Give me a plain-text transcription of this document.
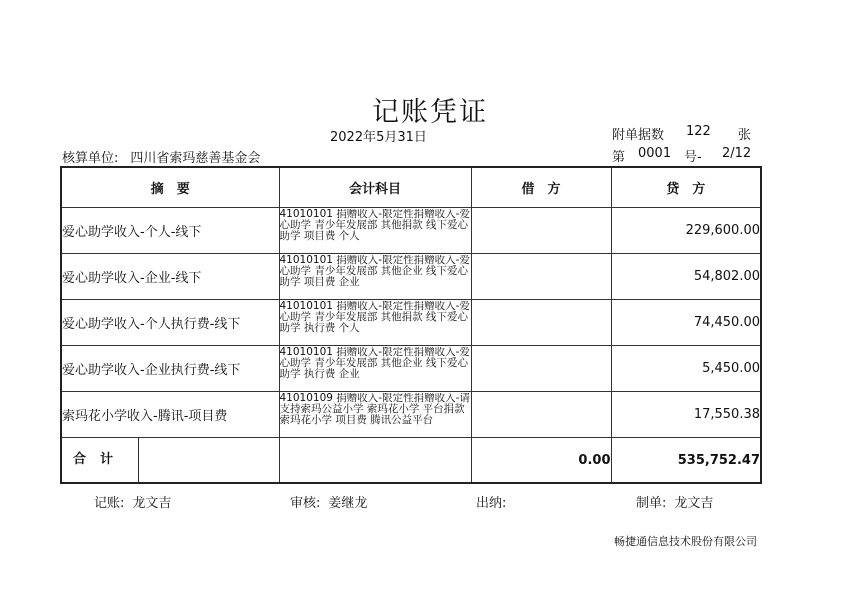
记账凭证
2022年5月31日	附单据数 122 张
核算单位: 四川省索玛慈善基金会	第 0001 号- 2/12
摘　要	会计科目	借　方	贷　方
爱心助学收入-个人-线下	41010101 捐赠收入-限定性捐赠收入-爱心助学 青少年发展部 其他捐款 线下爱心助学 项目费 个人		229,600.00
爱心助学收入-企业-线下	41010101 捐赠收入-限定性捐赠收入-爱心助学 青少年发展部 其他企业 线下爱心助学 项目费 企业		54,802.00
爱心助学收入-个人执行费-线下	41010101 捐赠收入-限定性捐赠收入-爱心助学 青少年发展部 其他捐款 线下爱心助学 执行费 个人		74,450.00
爱心助学收入-企业执行费-线下	41010101 捐赠收入-限定性捐赠收入-爱心助学 青少年发展部 其他企业 线下爱心助学 执行费 企业		5,450.00
索玛花小学收入-腾讯-项目费	41010109 捐赠收入-限定性捐赠收入-请支持索玛公益小学 索玛花小学 平台捐款 索玛花小学 项目费 腾讯公益平台		17,550.38

合计		0.00	535,752.47
记账: 龙文吉	审核: 姜继龙	出纳:	制单: 龙文吉
畅捷通信息技术股份有限公司
